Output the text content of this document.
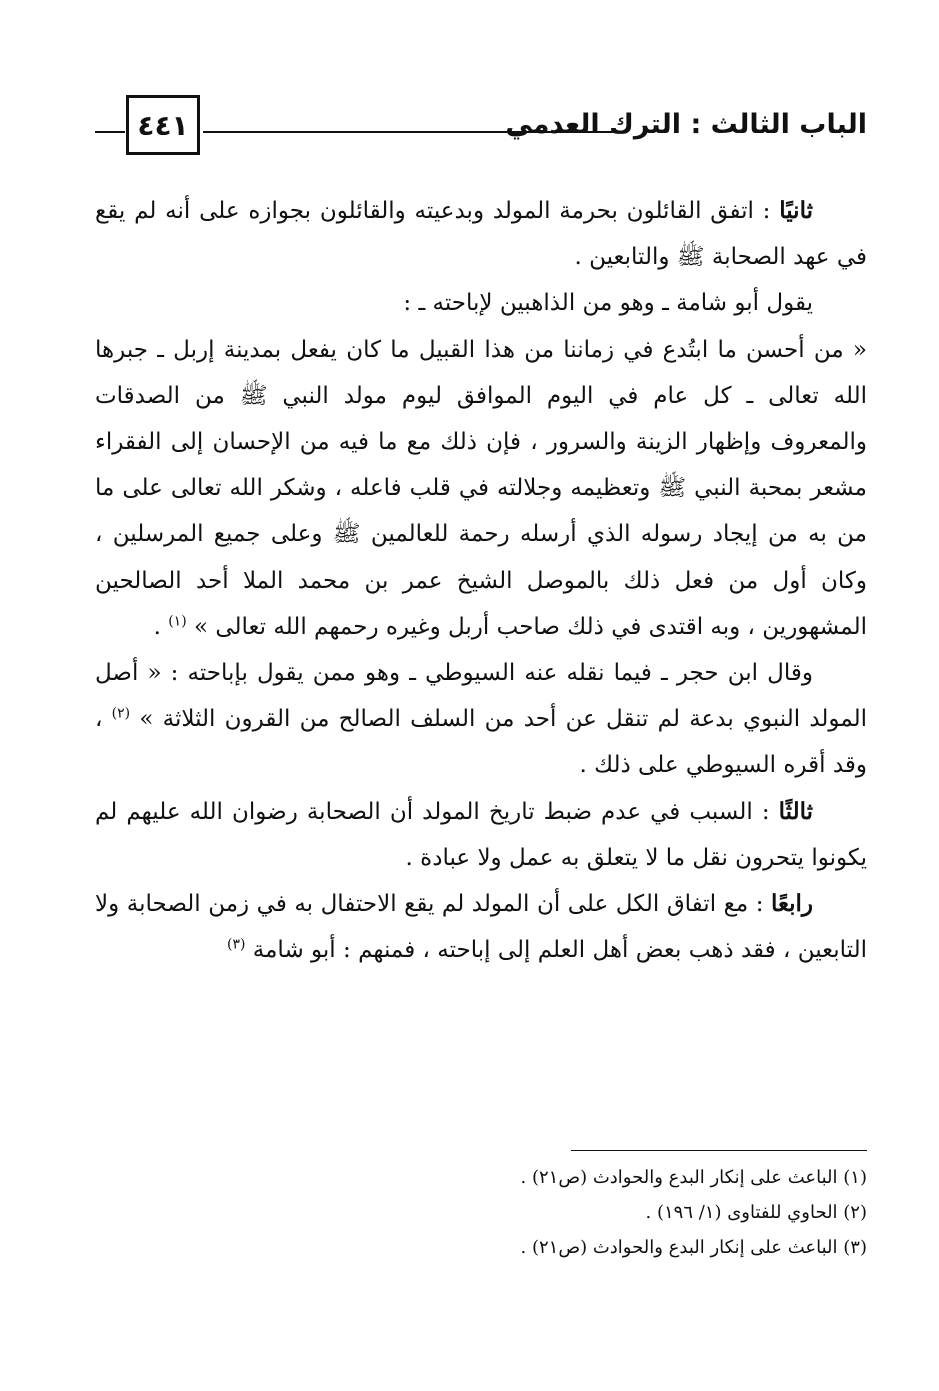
الباب الثالث : الترك العدمي
٤٤١

ثانيًا : اتفق القائلون بحرمة المولد وبدعيته والقائلون بجوازه على أنه لم يقع في عهد الصحابة ﷺ والتابعين .

يقول أبو شامة ـ وهو من الذاهبين لإباحته ـ :

« من أحسن ما ابتُدع في زماننا من هذا القبيل ما كان يفعل بمدينة إربل ـ جبرها الله تعالى ـ كل عام في اليوم الموافق ليوم مولد النبي ﷺ من الصدقات والمعروف وإظهار الزينة والسرور ، فإن ذلك مع ما فيه من الإحسان إلى الفقراء مشعر بمحبة النبي ﷺ وتعظيمه وجلالته في قلب فاعله ، وشكر الله تعالى على ما من به من إيجاد رسوله الذي أرسله رحمة للعالمين ﷺ وعلى جميع المرسلين ، وكان أول من فعل ذلك بالموصل الشيخ عمر بن محمد الملا أحد الصالحين المشهورين ، وبه اقتدى في ذلك صاحب أربل وغيره رحمهم الله تعالى » $^{(١)}$ .

وقال ابن حجر ـ فيما نقله عنه السيوطي ـ وهو ممن يقول بإباحته : « أصل المولد النبوي بدعة لم تنقل عن أحد من السلف الصالح من القرون الثلاثة » $^{(٢)}$ ، وقد أقره السيوطي على ذلك .

ثالثًا : السبب في عدم ضبط تاريخ المولد أن الصحابة رضوان الله عليهم لم يكونوا يتحرون نقل ما لا يتعلق به عمل ولا عبادة .

رابعًا : مع اتفاق الكل على أن المولد لم يقع الاحتفال به في زمن الصحابة ولا التابعين ، فقد ذهب بعض أهل العلم إلى إباحته ، فمنهم : أبو شامة $^{(٣)}$

(١) الباعث على إنكار البدع والحوادث (ص٢١) .
(٢) الحاوي للفتاوى (١/ ١٩٦) .
(٣) الباعث على إنكار البدع والحوادث (ص٢١) .
